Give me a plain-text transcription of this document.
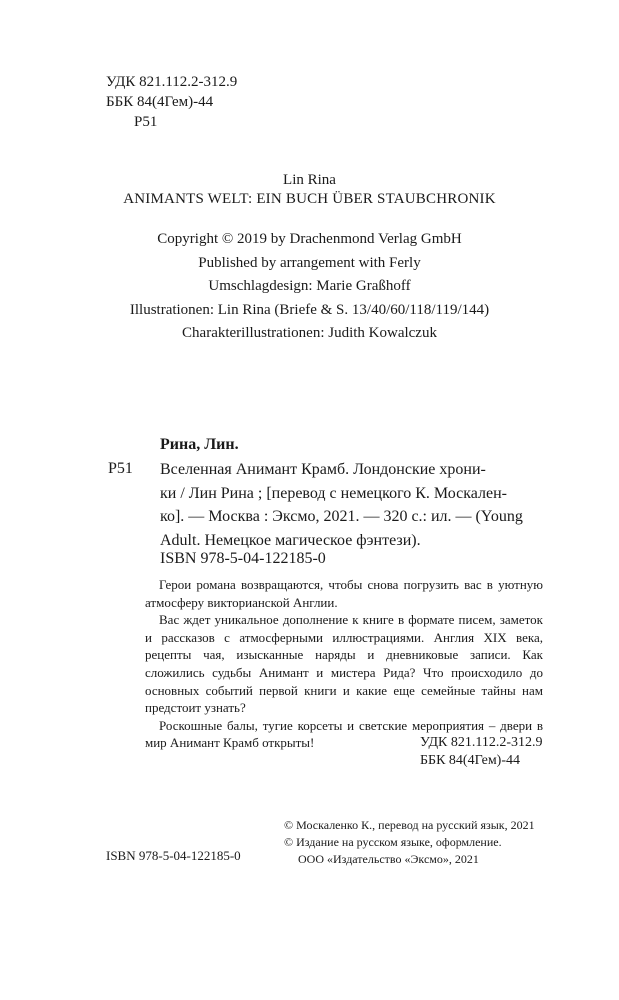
УДК 821.112.2-312.9
ББК 84(4Гем)-44
Р51
Lin Rina
ANIMANTS WELT: EIN BUCH ÜBER STAUBCHRONIK
Copyright © 2019 by Drachenmond Verlag GmbH
Published by arrangement with Ferly
Umschlagdesign: Marie Graßhoff
Illustrationen: Lin Rina (Briefe & S. 13/40/60/118/119/144)
Charakterillustrationen: Judith Kowalczuk
Рина, Лин.
Р51 Вселенная Анимант Крамб. Лондонские хрони-
ки / Лин Рина ; [перевод с немецкого К. Москален-
ко]. — Москва : Эксмо, 2021. — 320 с.: ил. — (Young
Adult. Немецкое магическое фэнтези).
ISBN 978-5-04-122185-0

Герои романа возвращаются, чтобы снова погрузить вас в уютную атмосферу викторианской Англии.

Вас ждет уникальное дополнение к книге в формате писем, заметок и рассказов с атмосферными иллюстрациями. Англия XIX века, рецепты чая, изысканные наряды и дневниковые записи. Как сложились судьбы Анимант и мистера Рида? Что происходило до основных событий первой книги и какие еще семейные тайны нам предстоит узнать?

Роскошные балы, тугие корсеты и светские мероприятия – двери в мир Анимант Крамб открыты!	УДК 821.112.2-312.9
ББК 84(4Гем)-44
© Москаленко К., перевод на русский язык, 2021
© Издание на русском языке, оформление.
ООО «Издательство «Эксмо», 2021
ISBN 978-5-04-122185-0
